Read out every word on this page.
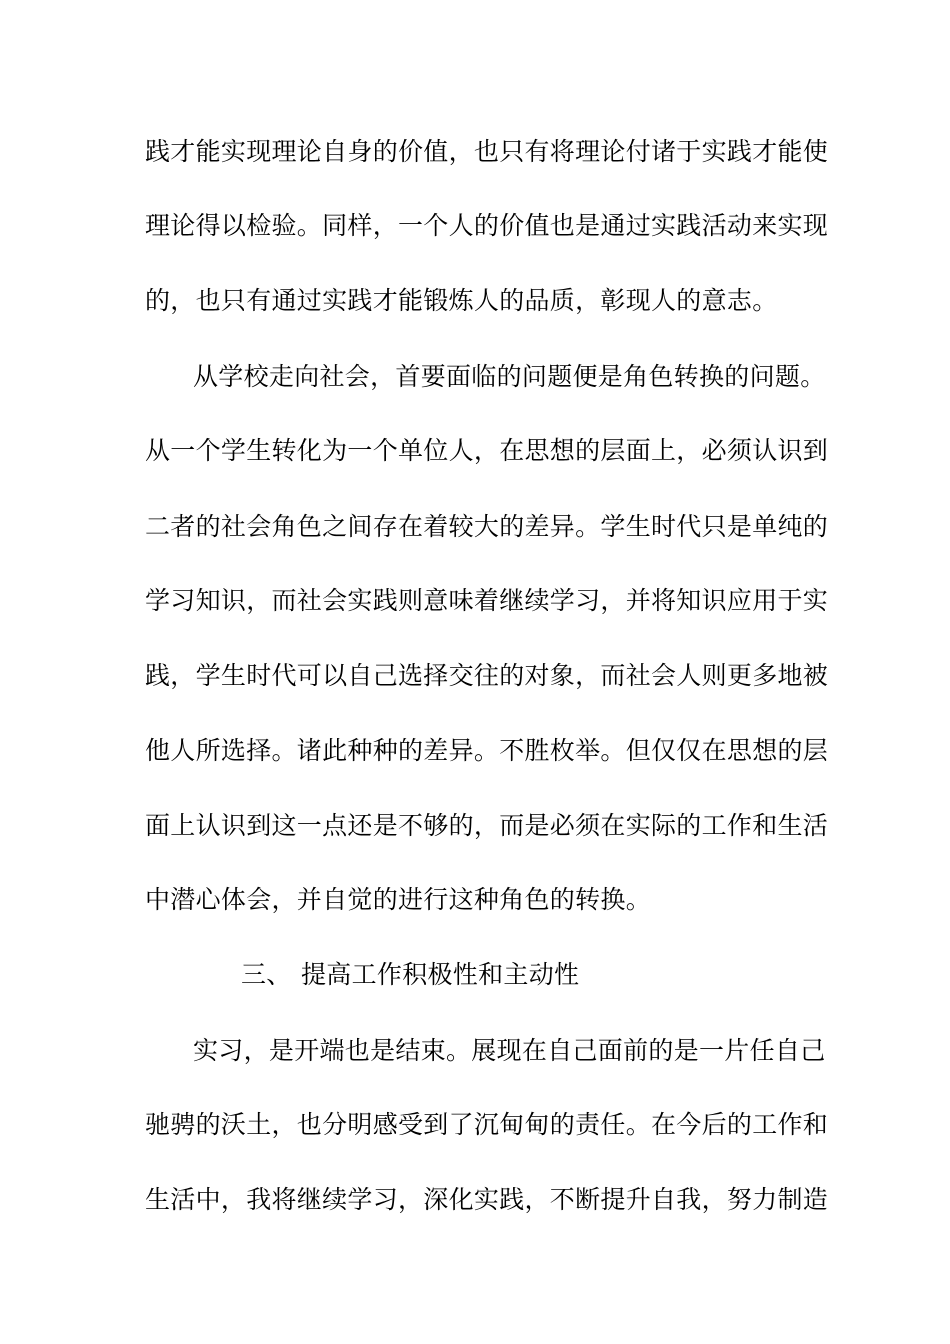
践才能实现理论自身的价值，也只有将理论付诸于实践才能使
理论得以检验。同样，一个人的价值也是通过实践活动来实现
的，也只有通过实践才能锻炼人的品质，彰现人的意志。
从学校走向社会，首要面临的问题便是角色转换的问题。
从一个学生转化为一个单位人，在思想的层面上，必须认识到
二者的社会角色之间存在着较大的差异。学生时代只是单纯的
学习知识，而社会实践则意味着继续学习，并将知识应用于实
践，学生时代可以自己选择交往的对象，而社会人则更多地被
他人所选择。诸此种种的差异。不胜枚举。但仅仅在思想的层
面上认识到这一点还是不够的，而是必须在实际的工作和生活
中潜心体会，并自觉的进行这种角色的转换。
三、 提高工作积极性和主动性
实习，是开端也是结束。展现在自己面前的是一片任自己
驰骋的沃土，也分明感受到了沉甸甸的责任。在今后的工作和
生活中，我将继续学习，深化实践，不断提升自我，努力制造
